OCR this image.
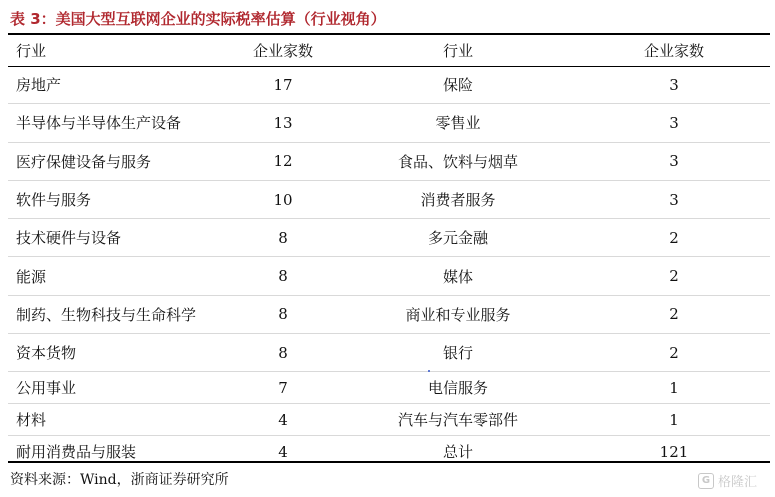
表 3：美国大型互联网企业的实际税率估算（行业视角）
行业	企业家数	行业	企业家数
房地产	17	保险	3
半导体与半导体生产设备	13	零售业	3
医疗保健设备与服务	12	食品、饮料与烟草	3
软件与服务	10	消费者服务	3
技术硬件与设备	8	多元金融	2
能源	8	媒体	2
制药、生物科技与生命科学	8	商业和专业服务	2
资本货物	8	银行	2
公用事业	7	电信服务	1
材料	4	汽车与汽车零部件	1
耐用消费品与服装	4	总计	121
资料来源：Wind，浙商证券研究所	G 格隆汇
